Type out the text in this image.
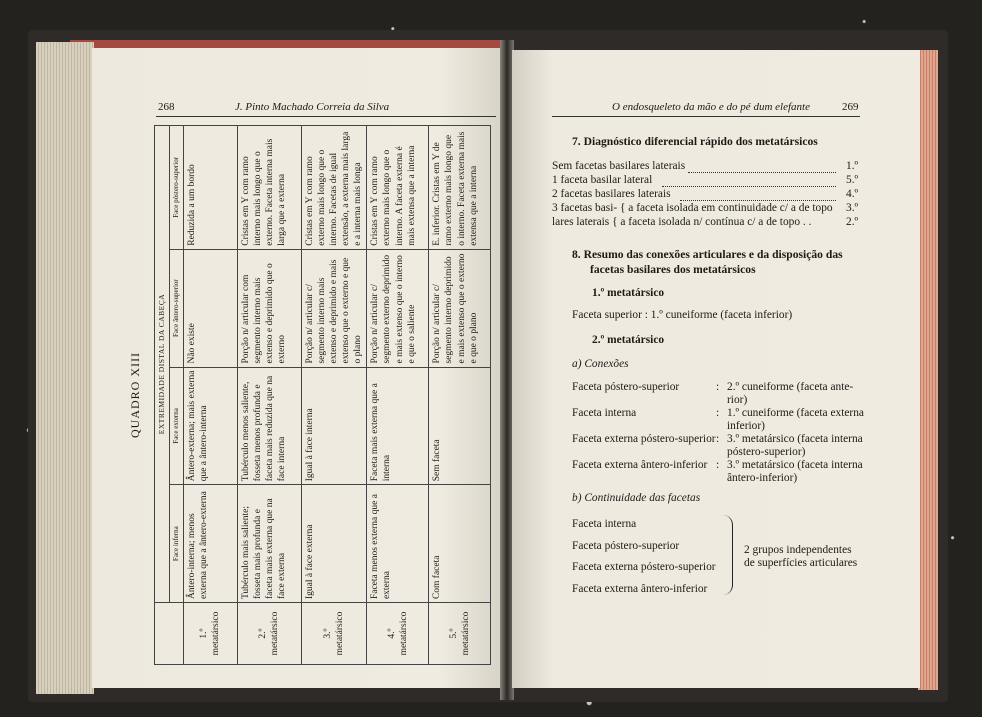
268	J. Pinto Machado Correia da Silva
QUADRO XIII
	EXTREMIDADE DISTAL DA CABEÇA			
	Face inferna	Face externa	Face ântero-superior	Face póstero-superior
1.º metatársico	Ântero-interna; menos externa que a ântero-externa	Ântero-externa; mais externa que a ântero-interna	Não existe	Reduzida a um bordo
2.º metatársico	Tubérculo mais saliente; fosseta mais profunda e faceta mais externa que na face externa	Tubérculo menos saliente, fosseta menos profunda e faceta mais reduzida que na face interna	Porção n/ articular com segmento interno mais extenso e deprimido que o externo	Cristas em Y com ramo interno mais longo que o externo. Faceta interna mais larga que a externa
3.º metatársico	Igual à face externa	Igual à face interna	Porção n/ articular c/ segmento interno mais extenso e deprimido e mais extenso que o externo e que o plano	Cristas em Y com ramo externo mais longo que o interno. Facetas de igual extensão, a externa mais larga e a interna mais longa
4.º metatársico	Faceta menos externa que a externa	Faceta mais externa que a interna	Porção n/ articular c/ segmento externo deprimido e mais extenso que o interno e que o saliente	Cristas em Y com ramo externo mais longo que o interno. A faceta externa é mais extensa que a interna
5.º metatársico	Com faceta	Sem faceta	Porção n/ articular c/ segmento interno deprimido e mais extenso que o externo e que o plano	E. inferior. Cristas em Y de ramo externo mais longo que o interno. Faceta externa mais extensa que a interna
O endosqueleto da mão e do pé dum elefante	269
7. Diagnóstico diferencial rápido dos metatársicos
Sem facetas basilares laterais	1.º
1 faceta basilar lateral	5.º
2 facetas basilares laterais	4.º
3 facetas basi- { a faceta isolada em continuidade c/ a de topo 3.º
lares laterais { a faceta isolada n/ contínua c/ a de topo . .	2.º
8. Resumo das conexões articulares e da disposição das
facetas basilares dos metatársicos
1.º metatársico
Faceta superior : 1.º cuneiforme (faceta inferior)
2.º metatársico
a) Conexões
Faceta póstero-superior	: 2.º cuneiforme (faceta ante-
rior)
Faceta interna	: 1.º cuneiforme (faceta externa
inferior)
Faceta externa póstero-superior : 3.º metatársico (faceta interna
póstero-superior)
Faceta externa ântero-inferior : 3.º metatársico (faceta interna
ântero-inferior)
b) Continuidade das facetas
Faceta interna
Faceta póstero-superior
Faceta externa póstero-superior
Faceta externa ântero-inferior
2 grupos independentes
de superfícies articulares
